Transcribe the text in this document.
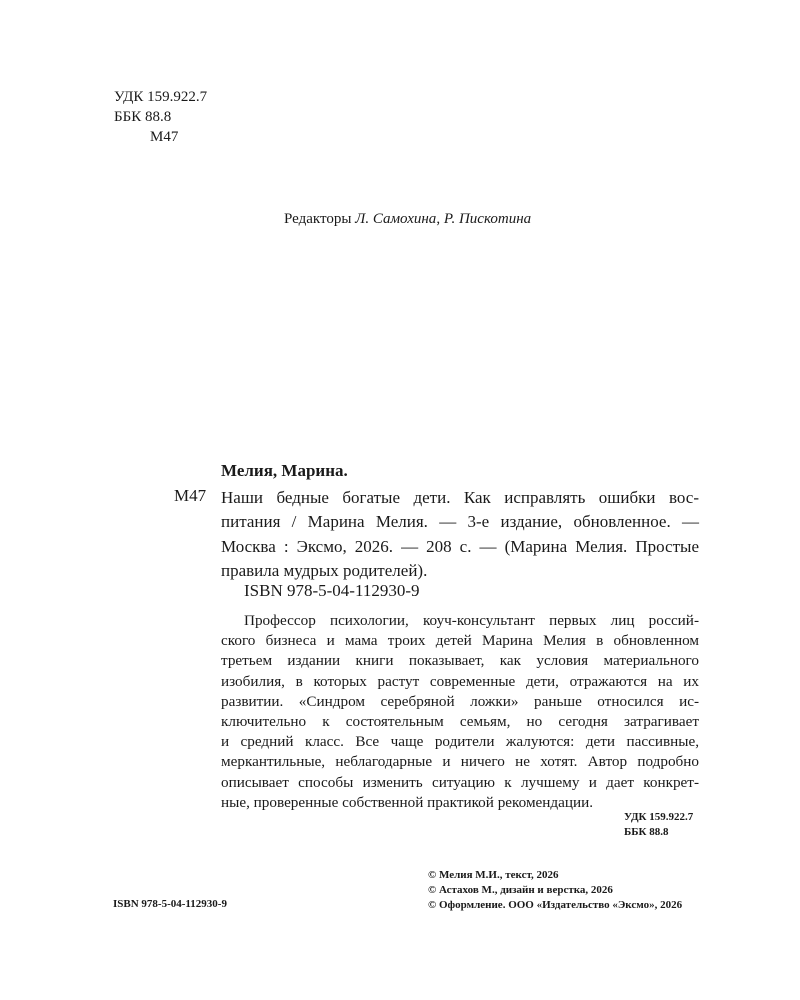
УДК 159.922.7
ББК 88.8
М47
Редакторы Л. Самохина, Р. Пискотина
Мелия, Марина.
М47 Наши бедные богатые дети. Как исправлять ошибки вос-
питания / Марина Мелия. — 3-е издание, обновленное. —
Москва : Эксмо, 2026. — 208 с. — (Марина Мелия. Простые
правила мудрых родителей).
ISBN 978-5-04-112930-9
Профессор психологии, коуч-консультант первых лиц россий-
ского бизнеса и мама троих детей Марина Мелия в обновленном
третьем издании книги показывает, как условия материального
изобилия, в которых растут современные дети, отражаются на их
развитии. «Синдром серебряной ложки» раньше относился ис-
ключительно к состоятельным семьям, но сегодня затрагивает
и средний класс. Все чаще родители жалуются: дети пассивные,
меркантильные, неблагодарные и ничего не хотят. Автор подробно
описывает способы изменить ситуацию к лучшему и дает конкрет-
ные, проверенные собственной практикой рекомендации.
УДК 159.922.7
ББК 88.8
© Мелия М.И., текст, 2026
© Астахов М., дизайн и верстка, 2026
© Оформление. ООО «Издательство «Эксмо», 2026
ISBN 978-5-04-112930-9
